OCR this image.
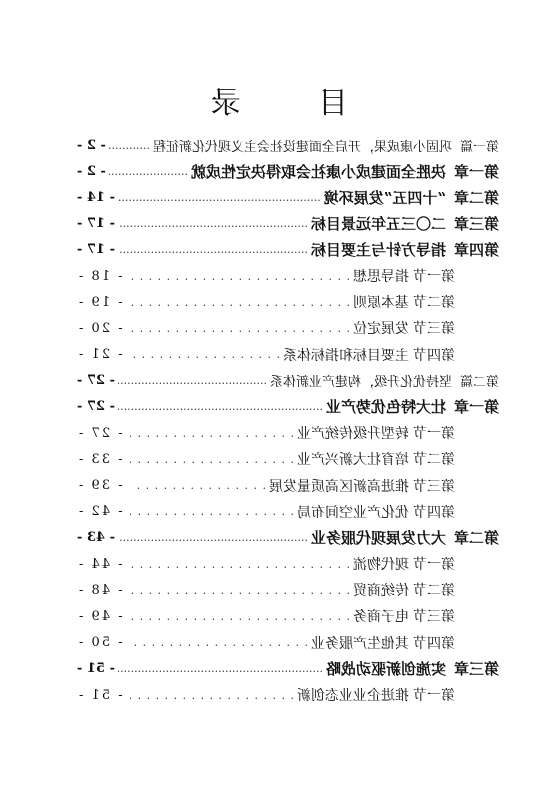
目 录
第一篇
巩固小康成果，开启全面建设社会主义现代化新征程
.....
- 2 -
第一章
决胜全面建成小康社会取得决定性成就
.....
- 2 -
第二章
“十四五”发展环境
.....
- 14 -
第三章
二〇三五年远景目标
.....
- 17 -
第四章
指导方针与主要目标
.....
- 17 -
第一节
指导思想
. . .
- 18 -
第二节
基本原则
. . .
- 19 -
第三节
发展定位
. . .
- 20 -
第四节
主要目标和指标体系
. . .
- 21 -
第二篇
坚持优化升级，构建产业新体系
.....
- 27 -
第一章
壮大特色优势产业
.....
- 27 -
第一节
转型升级传统产业
. . .
- 27 -
第二节
培育壮大新兴产业
. . .
- 33 -
第三节
推进高新区高质量发展
. . .
- 39 -
第四节
优化产业空间布局
. . .
- 42 -
第二章
大力发展现代服务业
.....
- 43 -
第一节
现代物流
. . .
- 44 -
第二节
传统商贸
. . .
- 48 -
第三节
电子商务
. . .
- 49 -
第四节
其他生产服务业
. . .
- 50 -
第三章
实施创新驱动战略
.....
- 51 -
第一节
推进企业业态创新
. . .
- 51 -
